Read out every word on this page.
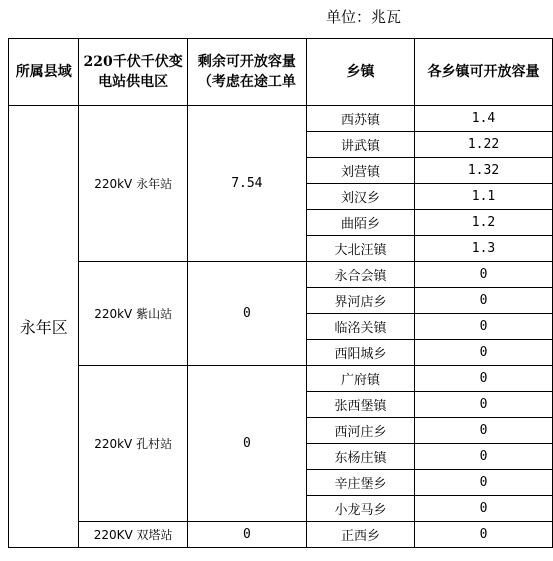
单位：兆瓦
所属县域	220千伏千伏变电站供电区	剩余可开放容量（考虑在途工单	乡镇	各乡镇可开放容量
永年区	220kV 永年站	7.54	西苏镇	1.4
			讲武镇	1.22
			刘营镇	1.32
			刘汉乡	1.1
			曲陌乡	1.2
			大北汪镇	1.3
	220kV 紫山站	0	永合会镇	0
			界河店乡	0
			临洺关镇	0
			西阳城乡	0
	220kV 孔村站	0	广府镇	0
			张西堡镇	0
			西河庄乡	0
			东杨庄镇	0
			辛庄堡乡	0
			小龙马乡	0
	220KV 双塔站	0	正西乡	0
